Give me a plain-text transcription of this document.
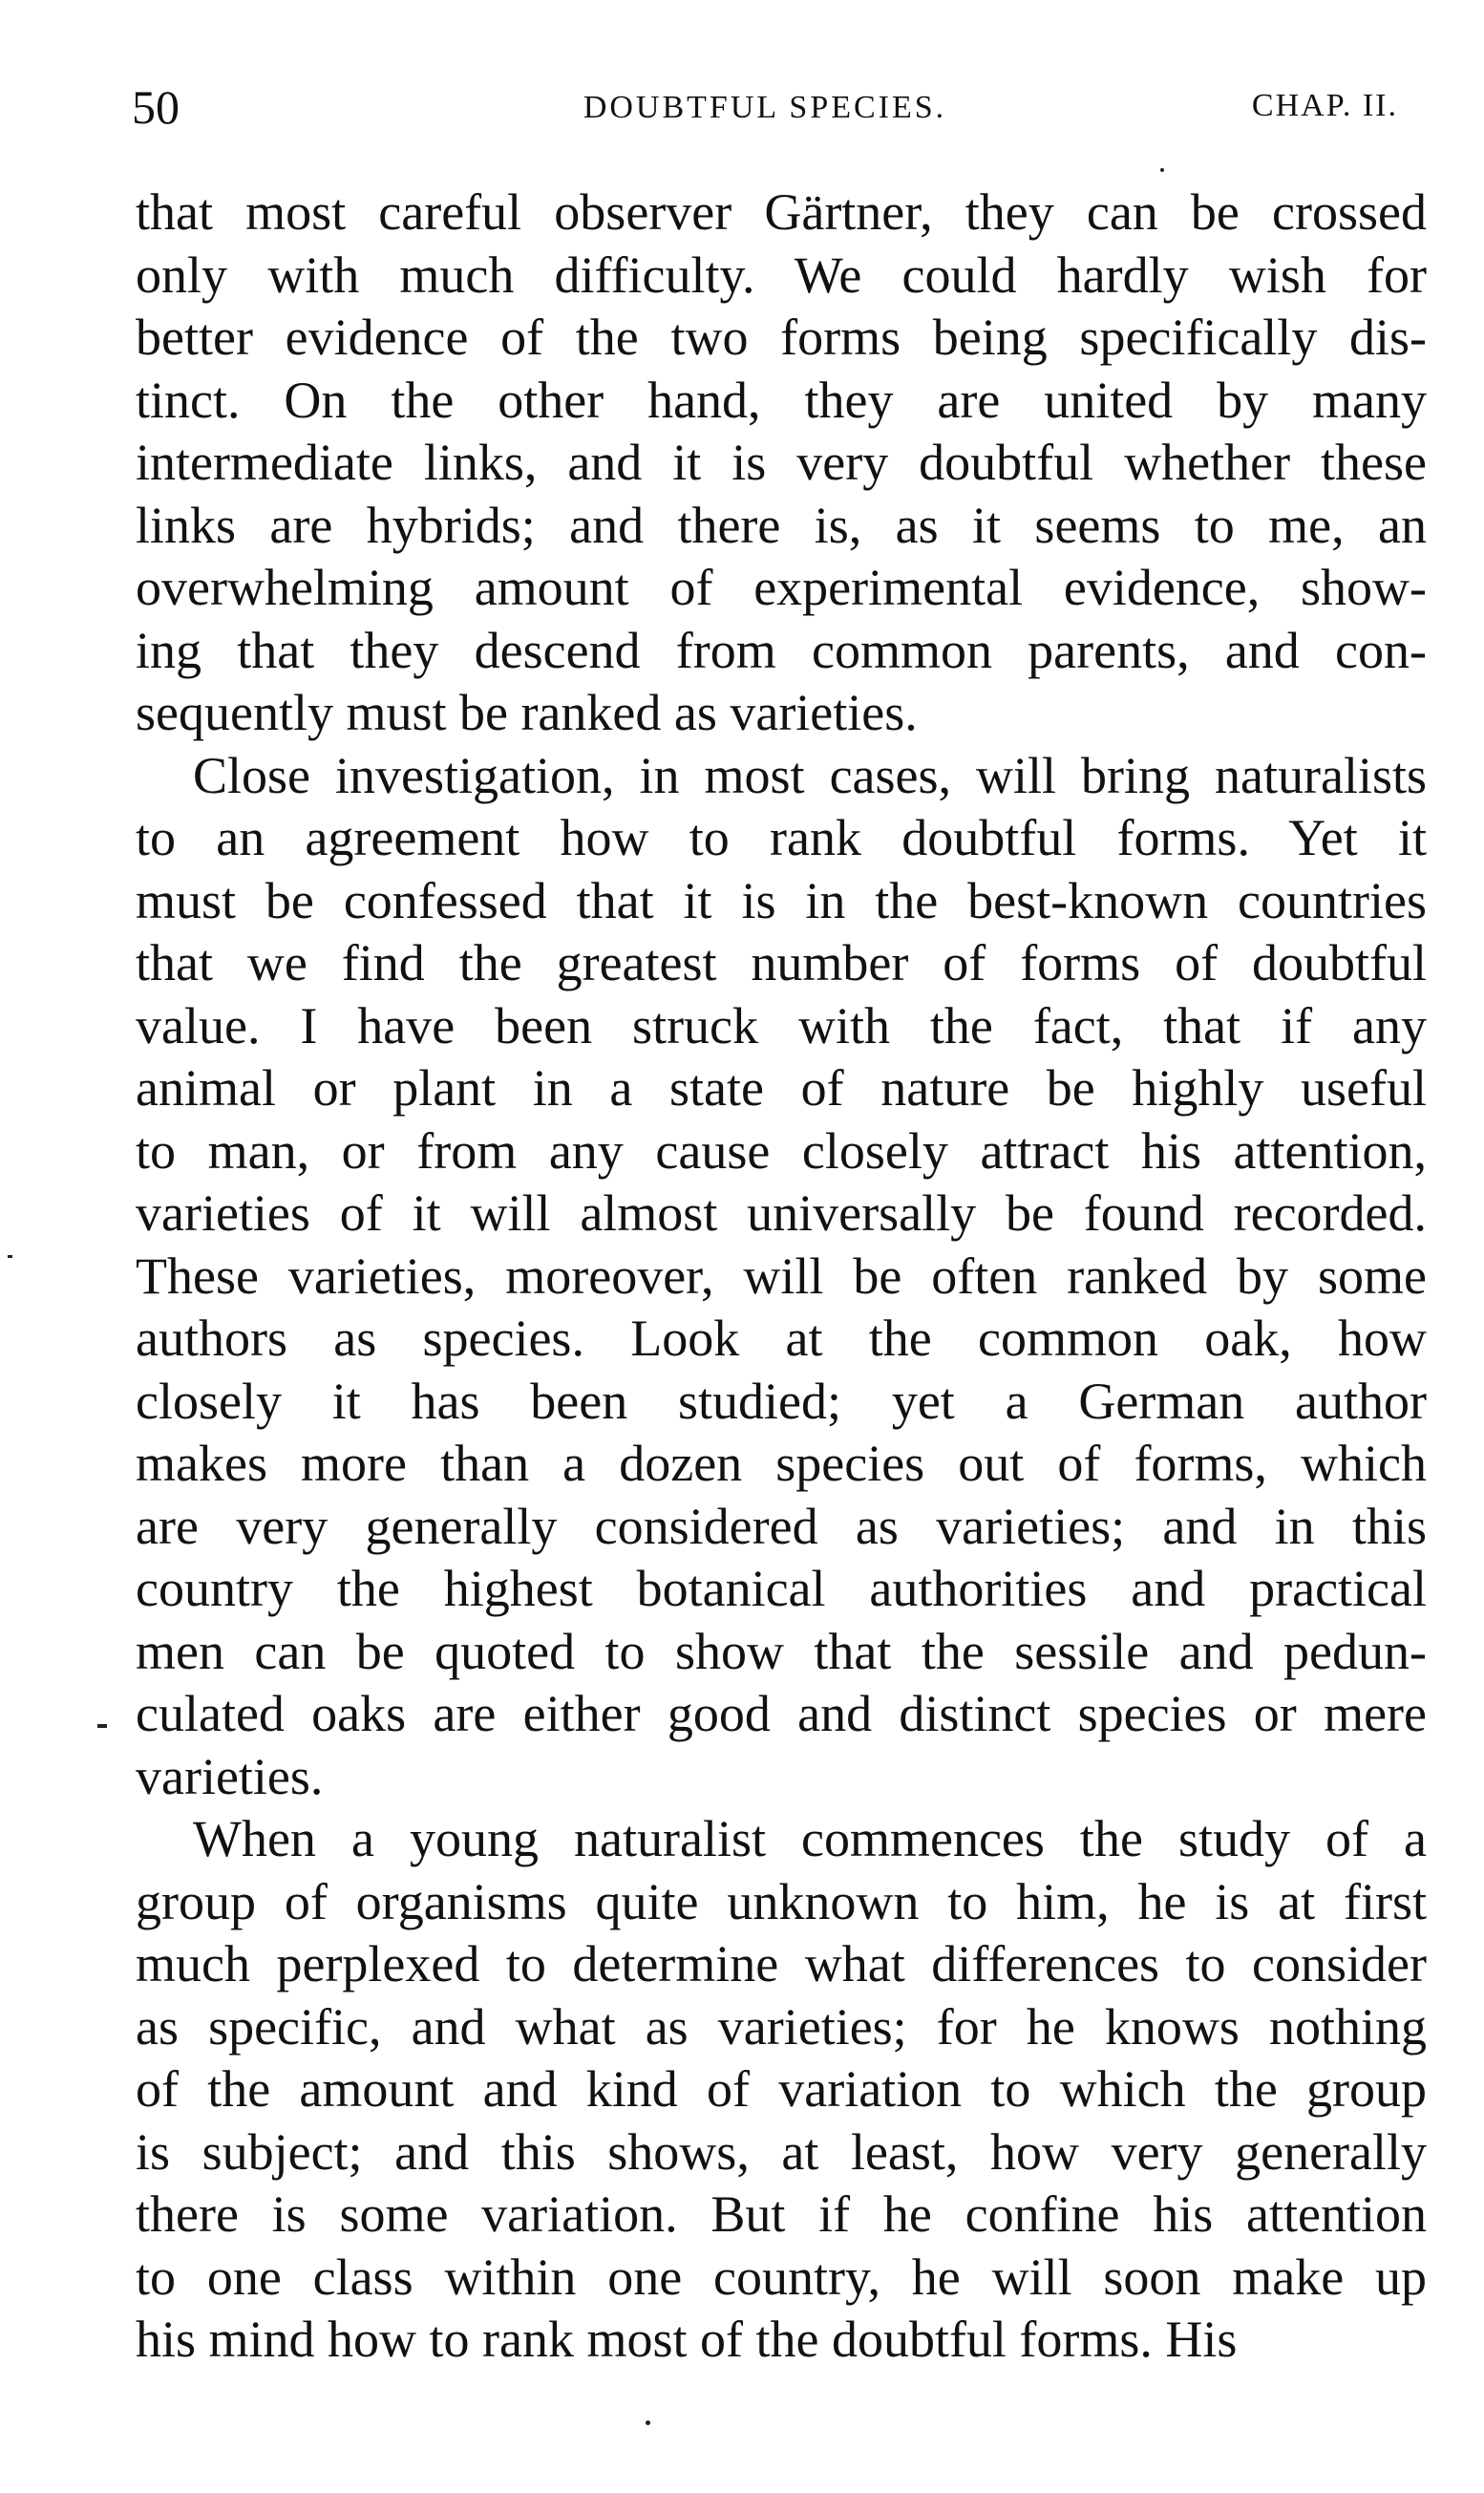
50	DOUBTFUL SPECIES.	CHAP. II.
that most careful observer Gärtner, they can be crossed
only with much difficulty. We could hardly wish for
better evidence of the two forms being specifically dis-
tinct. On the other hand, they are united by many
intermediate links, and it is very doubtful whether these
links are hybrids; and there is, as it seems to me, an
overwhelming amount of experimental evidence, show-
ing that they descend from common parents, and con-
sequently must be ranked as varieties.
Close investigation, in most cases, will bring naturalists
to an agreement how to rank doubtful forms. Yet it
must be confessed that it is in the best-known countries
that we find the greatest number of forms of doubtful
value. I have been struck with the fact, that if any
animal or plant in a state of nature be highly useful
to man, or from any cause closely attract his attention,
varieties of it will almost universally be found recorded.
These varieties, moreover, will be often ranked by some
authors as species. Look at the common oak, how
closely it has been studied; yet a German author
makes more than a dozen species out of forms, which
are very generally considered as varieties; and in this
country the highest botanical authorities and practical
men can be quoted to show that the sessile and pedun-
culated oaks are either good and distinct species or mere
varieties.
When a young naturalist commences the study of a
group of organisms quite unknown to him, he is at first
much perplexed to determine what differences to consider
as specific, and what as varieties; for he knows nothing
of the amount and kind of variation to which the group
is subject; and this shows, at least, how very generally
there is some variation. But if he confine his attention
to one class within one country, he will soon make up
his mind how to rank most of the doubtful forms. His
